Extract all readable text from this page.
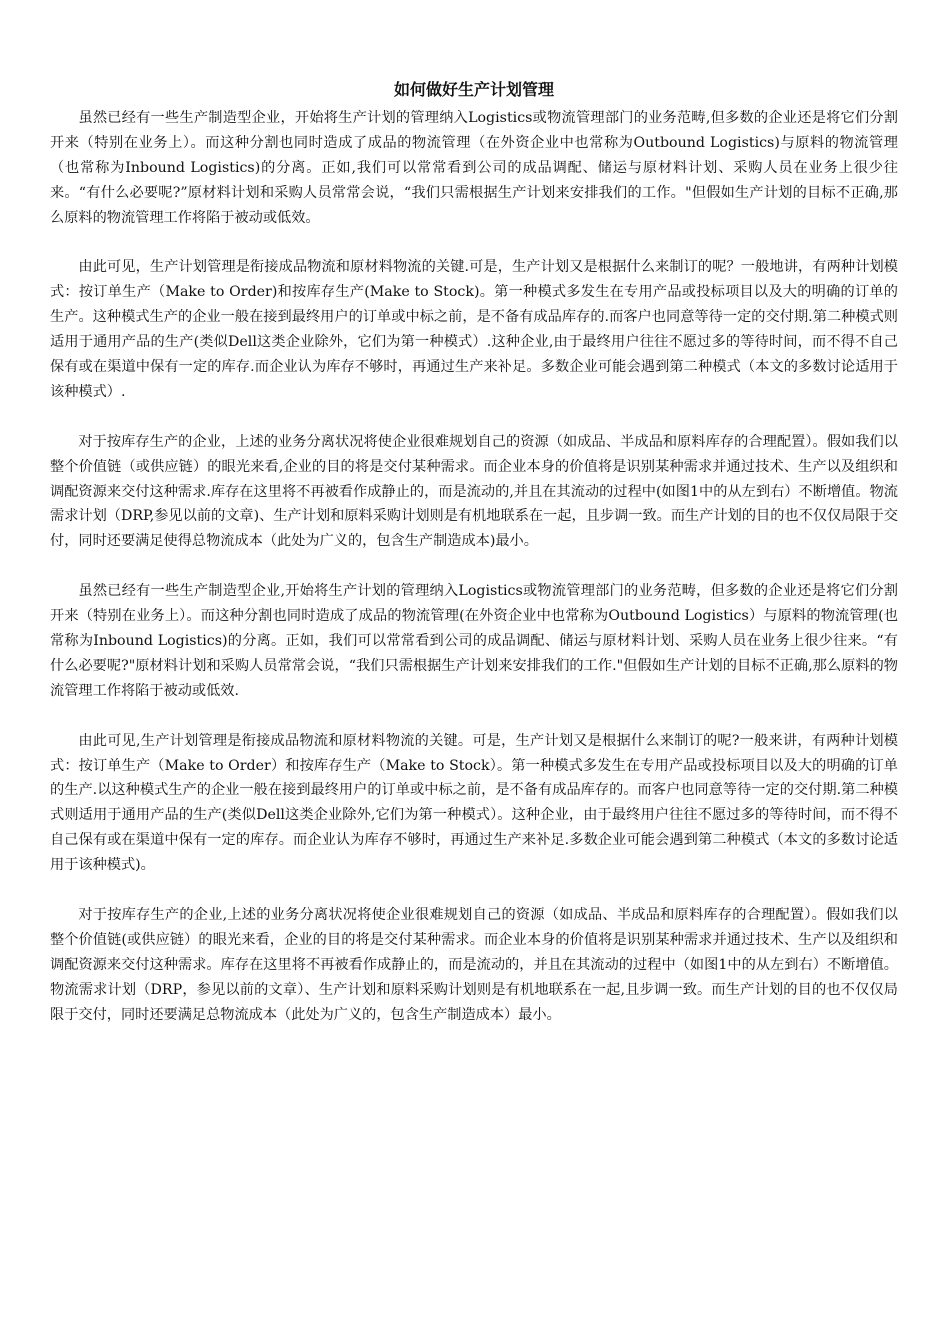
如何做好生产计划管理

虽然已经有一些生产制造型企业，开始将生产计划的管理纳入Logistics或物流管理部门的业务范畴,但多数的企业还是将它们分割开来（特别在业务上）。而这种分割也同时造成了成品的物流管理（在外资企业中也常称为Outbound Logistics)与原料的物流管理（也常称为Inbound Logistics)的分离。正如,我们可以常常看到公司的成品调配、储运与原材料计划、采购人员在业务上很少往来。“有什么必要呢?”原材料计划和采购人员常常会说，“我们只需根据生产计划来安排我们的工作。"但假如生产计划的目标不正确,那么原料的物流管理工作将陷于被动或低效。

由此可见，生产计划管理是衔接成品物流和原材料物流的关键.可是，生产计划又是根据什么来制订的呢？一般地讲，有两种计划模式：按订单生产（Make to Order)和按库存生产(Make to Stock)。第一种模式多发生在专用产品或投标项目以及大的明确的订单的生产。这种模式生产的企业一般在接到最终用户的订单或中标之前，是不备有成品库存的.而客户也同意等待一定的交付期.第二种模式则适用于通用产品的生产(类似Dell这类企业除外，它们为第一种模式）.这种企业,由于最终用户往往不愿过多的等待时间，而不得不自己保有或在渠道中保有一定的库存.而企业认为库存不够时，再通过生产来补足。多数企业可能会遇到第二种模式（本文的多数讨论适用于该种模式）.

对于按库存生产的企业，上述的业务分离状况将使企业很难规划自己的资源（如成品、半成品和原料库存的合理配置）。假如我们以整个价值链（或供应链）的眼光来看,企业的目的将是交付某种需求。而企业本身的价值将是识别某种需求并通过技术、生产以及组织和调配资源来交付这种需求.库存在这里将不再被看作成静止的，而是流动的,并且在其流动的过程中(如图1中的从左到右）不断增值。物流需求计划（DRP,参见以前的文章)、生产计划和原料采购计划则是有机地联系在一起，且步调一致。而生产计划的目的也不仅仅局限于交付，同时还要满足使得总物流成本（此处为广义的，包含生产制造成本)最小。

虽然已经有一些生产制造型企业,开始将生产计划的管理纳入Logistics或物流管理部门的业务范畴，但多数的企业还是将它们分割开来（特别在业务上）。而这种分割也同时造成了成品的物流管理(在外资企业中也常称为Outbound Logistics）与原料的物流管理(也常称为Inbound Logistics)的分离。正如，我们可以常常看到公司的成品调配、储运与原材料计划、采购人员在业务上很少往来。“有什么必要呢?"原材料计划和采购人员常常会说，“我们只需根据生产计划来安排我们的工作."但假如生产计划的目标不正确,那么原料的物流管理工作将陷于被动或低效.

由此可见,生产计划管理是衔接成品物流和原材料物流的关键。可是，生产计划又是根据什么来制订的呢?一般来讲，有两种计划模式：按订单生产（Make to Order）和按库存生产（Make to Stock）。第一种模式多发生在专用产品或投标项目以及大的明确的订单的生产.以这种模式生产的企业一般在接到最终用户的订单或中标之前，是不备有成品库存的。而客户也同意等待一定的交付期.第二种模式则适用于通用产品的生产(类似Dell这类企业除外,它们为第一种模式）。这种企业，由于最终用户往往不愿过多的等待时间，而不得不自己保有或在渠道中保有一定的库存。而企业认为库存不够时，再通过生产来补足.多数企业可能会遇到第二种模式（本文的多数讨论适用于该种模式)。

对于按库存生产的企业,上述的业务分离状况将使企业很难规划自己的资源（如成品、半成品和原料库存的合理配置）。假如我们以整个价值链(或供应链）的眼光来看，企业的目的将是交付某种需求。而企业本身的价值将是识别某种需求并通过技术、生产以及组织和调配资源来交付这种需求。库存在这里将不再被看作成静止的，而是流动的，并且在其流动的过程中（如图1中的从左到右）不断增值。物流需求计划（DRP，参见以前的文章）、生产计划和原料采购计划则是有机地联系在一起,且步调一致。而生产计划的目的也不仅仅局限于交付，同时还要满足总物流成本（此处为广义的，包含生产制造成本）最小。
